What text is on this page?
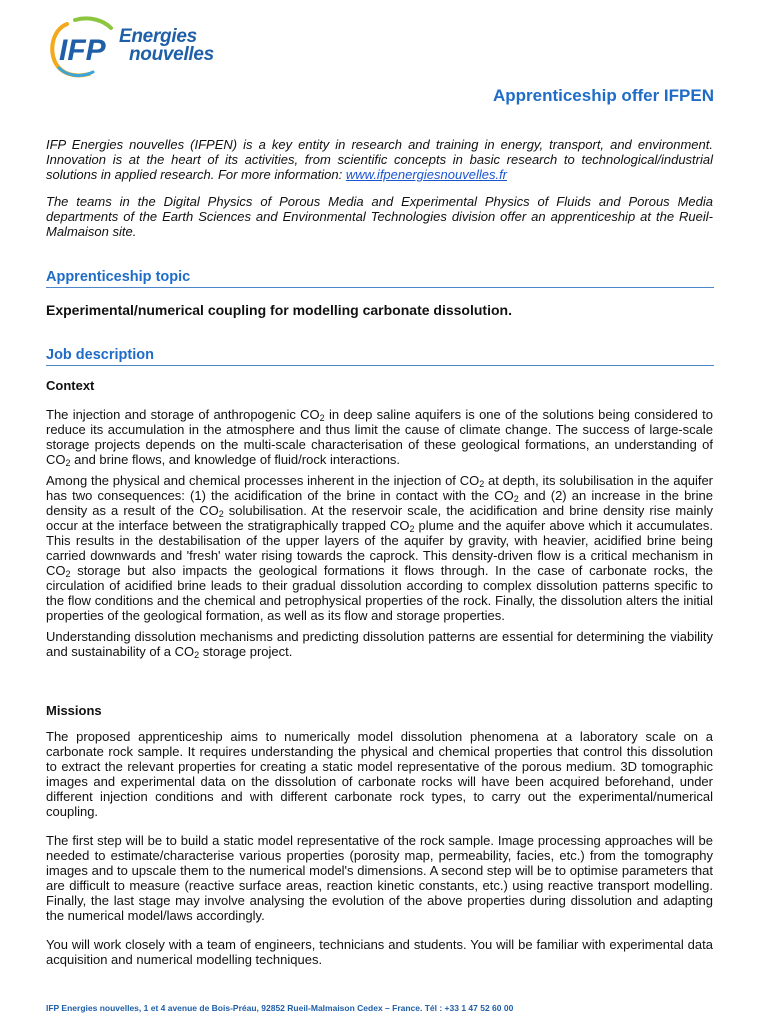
IFP Energies
nouvelles
Apprenticeship offer IFPEN

IFP Energies nouvelles (IFPEN) is a key entity in research and training in energy, transport, and environment. Innovation is at the heart of its activities, from scientific concepts in basic research to technological/industrial solutions in applied research. For more information: www.ifpenergiesnouvelles.fr

The teams in the Digital Physics of Porous Media and Experimental Physics of Fluids and Porous Media departments of the Earth Sciences and Environmental Technologies division offer an apprenticeship at the Rueil-Malmaison site.

Apprenticeship topic
Experimental/numerical coupling for modelling carbonate dissolution.
Job description
Context

The injection and storage of anthropogenic $CO_2$ in deep saline aquifers is one of the solutions being considered to reduce its accumulation in the atmosphere and thus limit the cause of climate change. The success of large-scale storage projects depends on the multi-scale characterisation of these geological formations, an understanding of $CO_2$ and brine flows, and knowledge of fluid/rock interactions.

Among the physical and chemical processes inherent in the injection of $CO_2$ at depth, its solubilisation in the aquifer has two consequences: (1) the acidification of the brine in contact with the $CO_2$ and (2) an increase in the brine density as a result of the $CO_2$ solubilisation. At the reservoir scale, the acidification and brine density rise mainly occur at the interface between the stratigraphically trapped $CO_2$ plume and the aquifer above which it accumulates. This results in the destabilisation of the upper layers of the aquifer by gravity, with heavier, acidified brine being carried downwards and 'fresh' water rising towards the caprock. This density-driven flow is a critical mechanism in $CO_2$ storage but also impacts the geological formations it flows through. In the case of carbonate rocks, the circulation of acidified brine leads to their gradual dissolution according to complex dissolution patterns specific to the flow conditions and the chemical and petrophysical properties of the rock. Finally, the dissolution alters the initial properties of the geological formation, as well as its flow and storage properties.

Understanding dissolution mechanisms and predicting dissolution patterns are essential for determining the viability and sustainability of a $CO_2$ storage project.

Missions

The proposed apprenticeship aims to numerically model dissolution phenomena at a laboratory scale on a carbonate rock sample. It requires understanding the physical and chemical properties that control this dissolution to extract the relevant properties for creating a static model representative of the porous medium. 3D tomographic images and experimental data on the dissolution of carbonate rocks will have been acquired beforehand, under different injection conditions and with different carbonate rock types, to carry out the experimental/numerical coupling.

The first step will be to build a static model representative of the rock sample. Image processing approaches will be needed to estimate/characterise various properties (porosity map, permeability, facies, etc.) from the tomography images and to upscale them to the numerical model's dimensions. A second step will be to optimise parameters that are difficult to measure (reactive surface areas, reaction kinetic constants, etc.) using reactive transport modelling. Finally, the last stage may involve analysing the evolution of the above properties during dissolution and adapting the numerical model/laws accordingly.

You will work closely with a team of engineers, technicians and students. You will be familiar with experimental data acquisition and numerical modelling techniques.

IFP Energies nouvelles, 1 et 4 avenue de Bois-Préau, 92852 Rueil-Malmaison Cedex – France. Tél : +33 1 47 52 60 00
